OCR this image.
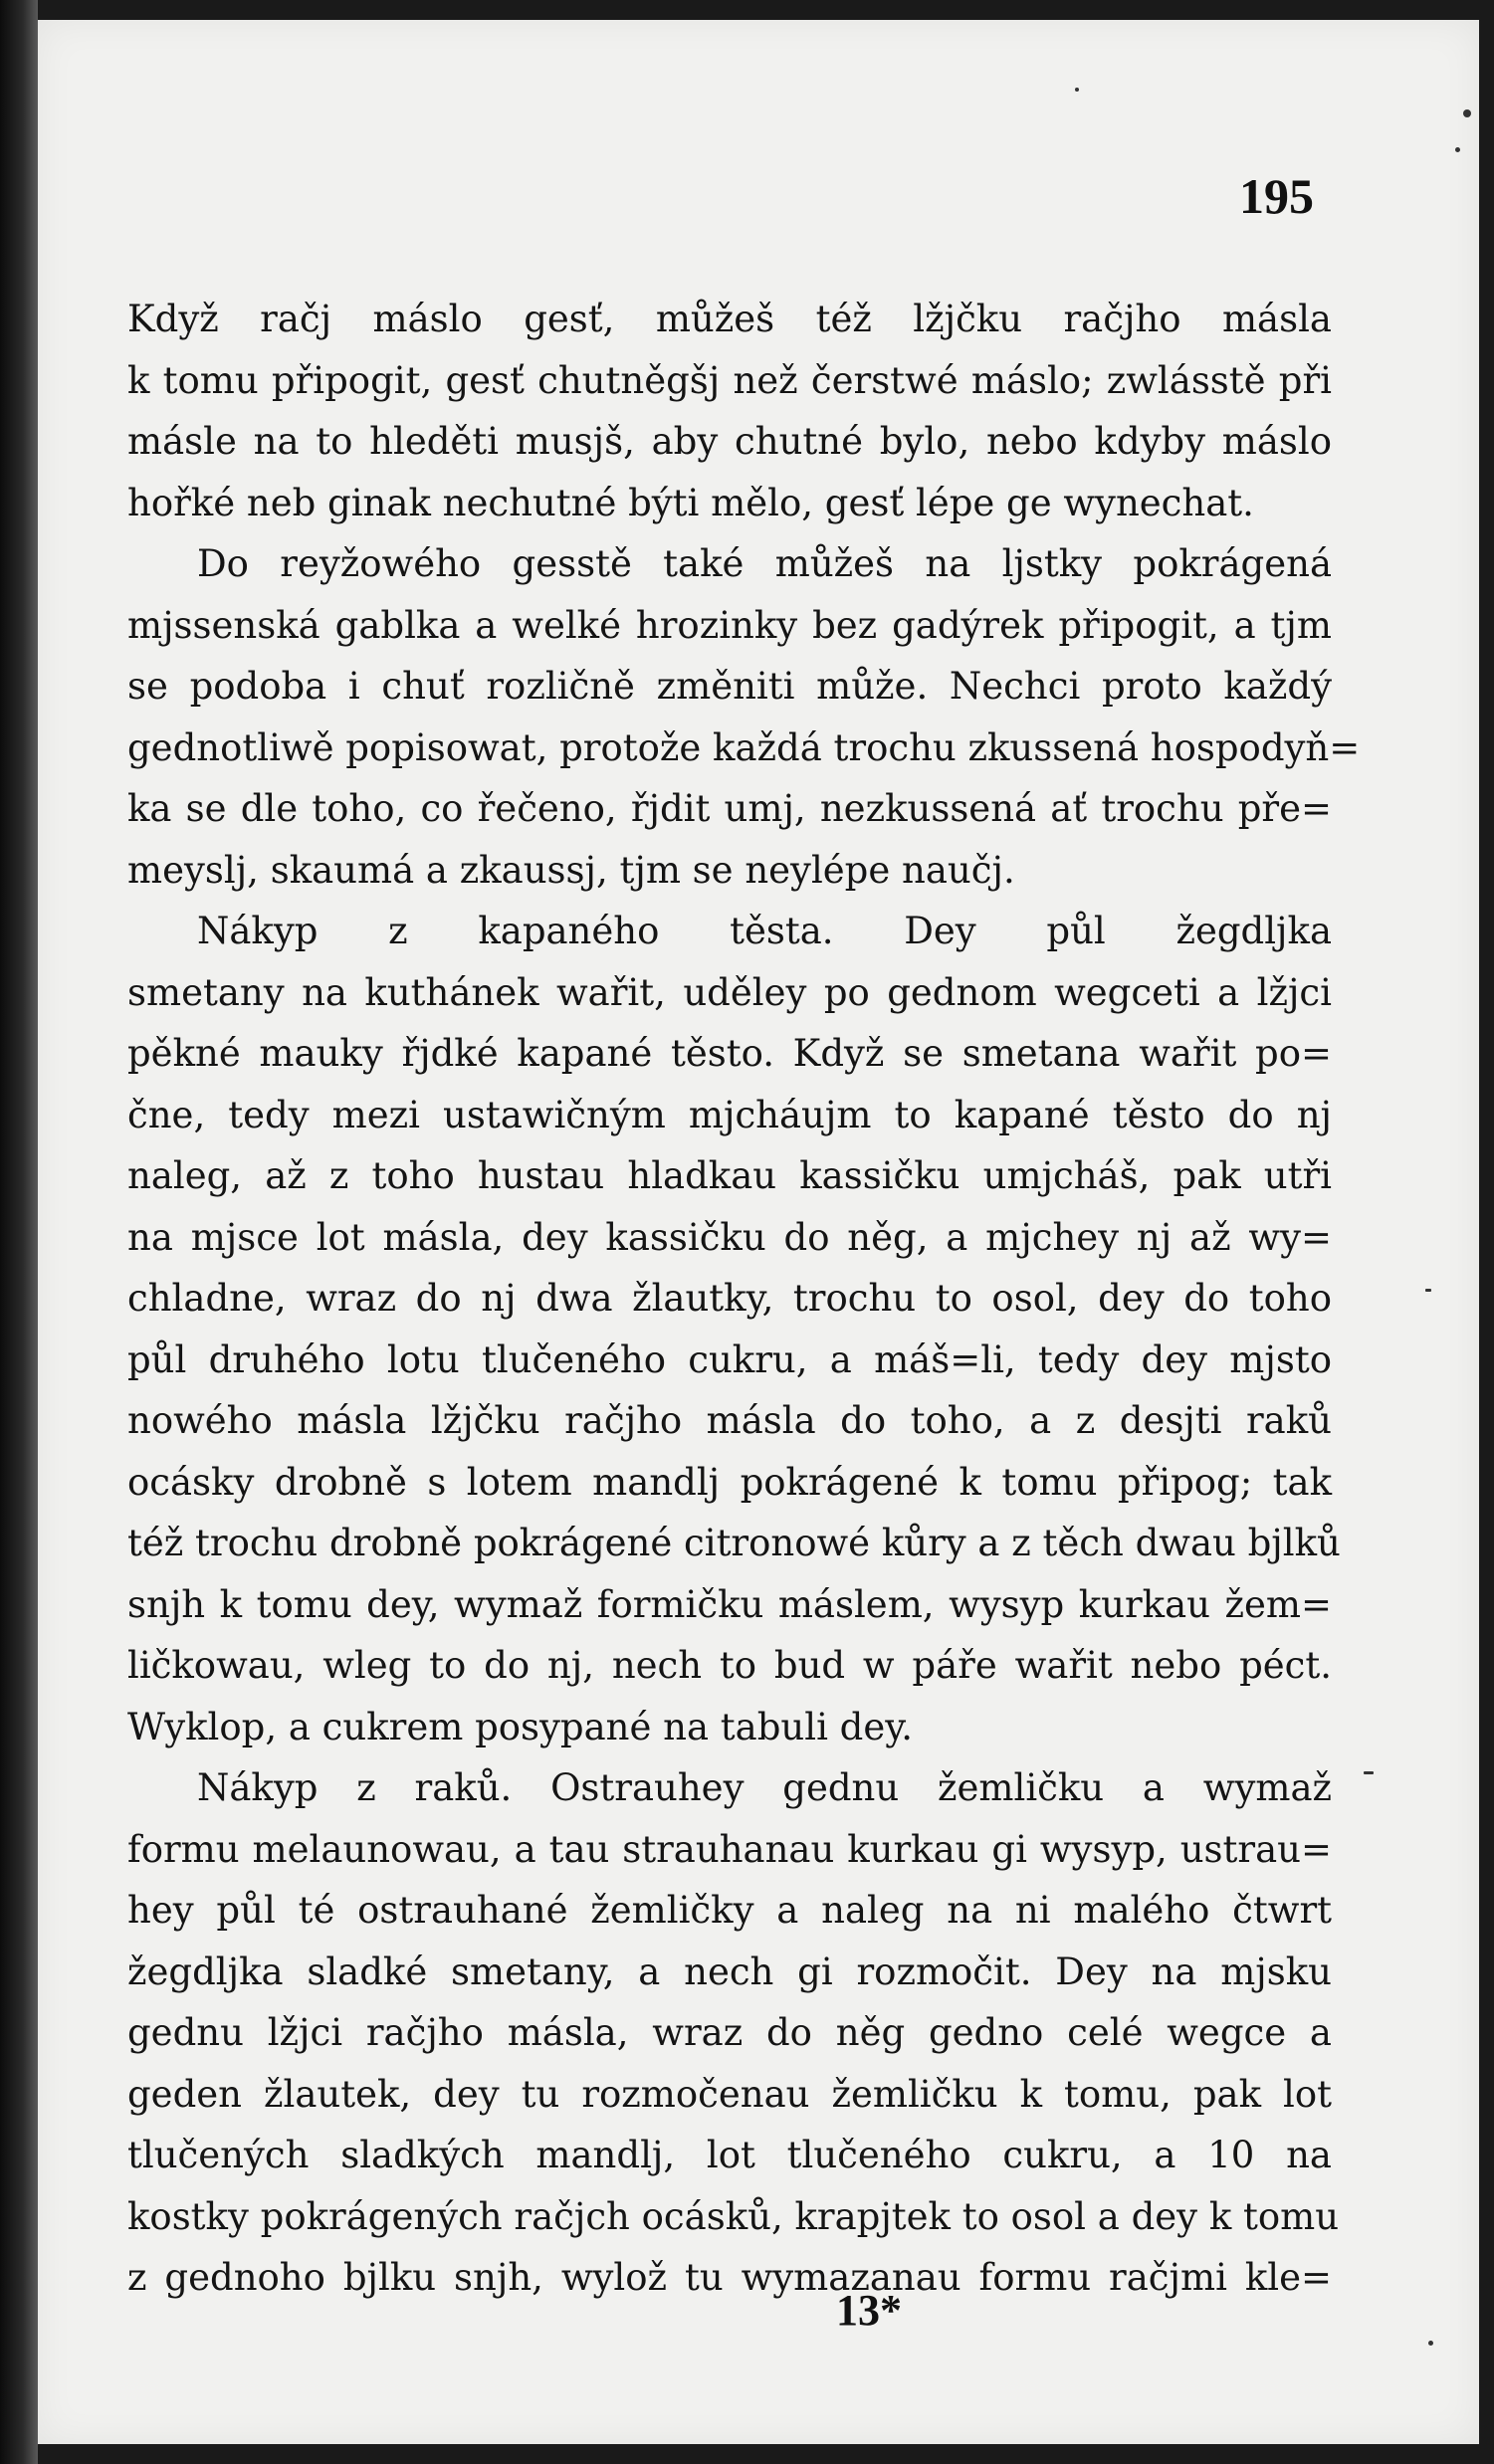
195
Když račj máslo gesť, můžeš též lžjčku račjho másla
k tomu připogit, gesť chutněgšj než čerstwé máslo; zwlásstě při
másle na to hleděti musjš, aby chutné bylo, nebo kdyby máslo
hořké neb ginak nechutné býti mělo, gesť lépe ge wynechat.
Do reyžowého gesstě také můžeš na ljstky pokrágená
mjssenská gablka a welké hrozinky bez gadýrek připogit, a tjm
se podoba i chuť rozličně změniti může. Nechci proto každý
gednotliwě popisowat, protože každá trochu zkussená hospodyň=
ka se dle toho, co řečeno, řjdit umj, nezkussená ať trochu pře=
meyslj, skaumá a zkaussj, tjm se neylépe naučj.
Nákyp z kapaného těsta. Dey půl žegdljka
smetany na kuthánek wařit, uděley po gednom wegceti a lžjci
pěkné mauky řjdké kapané těsto. Když se smetana wařit po=
čne, tedy mezi ustawičným mjcháujm to kapané těsto do nj
naleg, až z toho hustau hladkau kassičku umjcháš, pak utři
na mjsce lot másla, dey kassičku do něg, a mjchey nj až wy=
chladne, wraz do nj dwa žlautky, trochu to osol, dey do toho
půl druhého lotu tlučeného cukru, a máš=li, tedy dey mjsto
nowého másla lžjčku račjho másla do toho, a z desjti raků
ocásky drobně s lotem mandlj pokrágené k tomu připog; tak
též trochu drobně pokrágené citronowé kůry a z těch dwau bjlků
snjh k tomu dey, wymaž formičku máslem, wysyp kurkau žem=
ličkowau, wleg to do nj, nech to bud w páře wařit nebo péct.
Wyklop, a cukrem posypané na tabuli dey.
Nákyp z raků. Ostrauhey gednu žemličku a wymaž
formu melaunowau, a tau strauhanau kurkau gi wysyp, ustrau=
hey půl té ostrauhané žemličky a naleg na ni malého čtwrt
žegdljka sladké smetany, a nech gi rozmočit. Dey na mjsku
gednu lžjci račjho másla, wraz do něg gedno celé wegce a
geden žlautek, dey tu rozmočenau žemličku k tomu, pak lot
tlučených sladkých mandlj, lot tlučeného cukru, a 10 na
kostky pokrágených račjch ocásků, krapjtek to osol a dey k tomu
z gednoho bjlku snjh, wylož tu wymazanau formu račjmi kle=
13*
